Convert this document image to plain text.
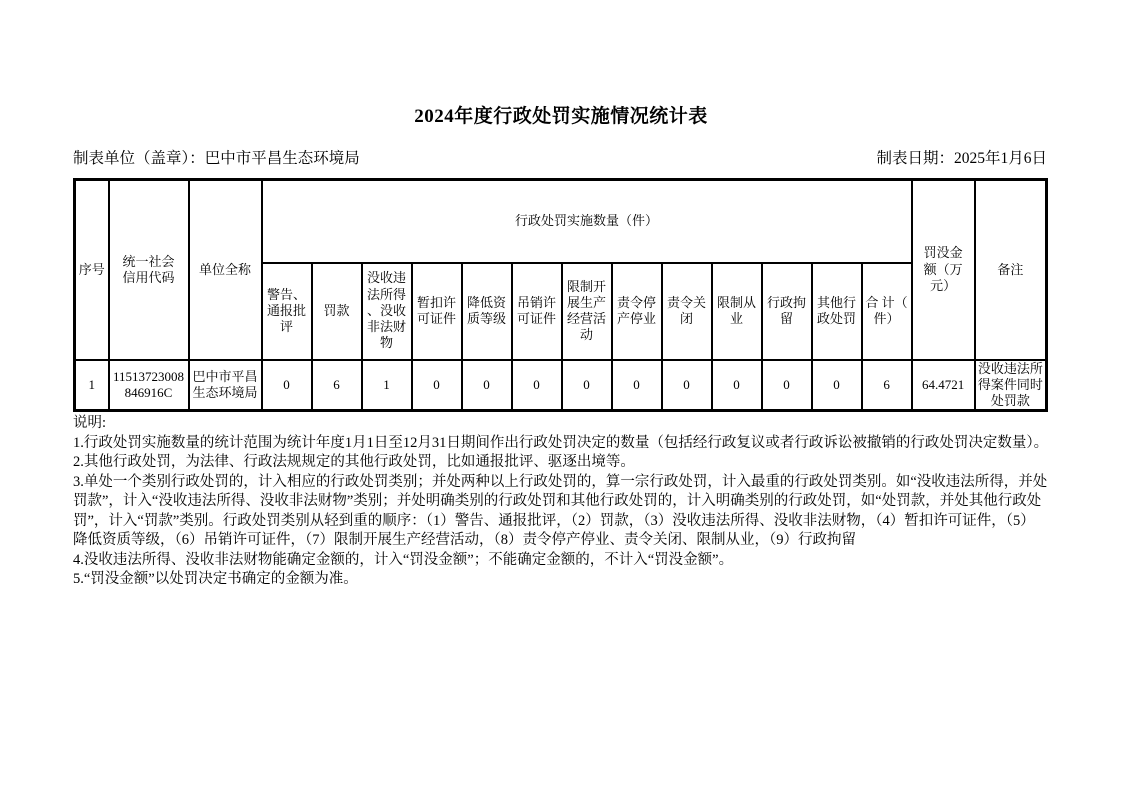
2024年度行政处罚实施情况统计表
制表单位（盖章）：巴中市平昌生态环境局	制表日期：2025年1月6日
序号	统一社会信用代码	单位全称	行政处罚实施数量（件）													罚没金额（万元）	备注
			警告、通报批评	罚款	没收违法所得、没收非法财物	暂扣许可证件	降低资质等级	吊销许可证件	限制开展生产经营活动	责令停产停业	责令关闭	限制从业	行政拘留	其他行政处罚	合 计（件）		
1	11513723008846916C	巴中市平昌生态环境局	0	6	1	0	0	0	0	0	0	0	0	0	6	64.4721	没收违法所得案件同时处罚款
说明:
1.行政处罚实施数量的统计范围为统计年度1月1日至12月31日期间作出行政处罚决定的数量（包括经行政复议或者行政诉讼被撤销的行政处罚决定数量）。
2.其他行政处罚，为法律、行政法规规定的其他行政处罚，比如通报批评、驱逐出境等。
3.单处一个类别行政处罚的，计入相应的行政处罚类别；并处两种以上行政处罚的，算一宗行政处罚，计入最重的行政处罚类别。如“没收违法所得，并处罚款”，计入“没收违法所得、没收非法财物”类别；并处明确类别的行政处罚和其他行政处罚的，计入明确类别的行政处罚，如“处罚款，并处其他行政处罚”，计入“罚款”类别。行政处罚类别从轻到重的顺序：（1）警告、通报批评，（2）罚款，（3）没收违法所得、没收非法财物，（4）暂扣许可证件，（5）降低资质等级，（6）吊销许可证件，（7）限制开展生产经营活动，（8）责令停产停业、责令关闭、限制从业，（9）行政拘留
4.没收违法所得、没收非法财物能确定金额的，计入“罚没金额”；不能确定金额的，不计入“罚没金额”。
5.“罚没金额”以处罚决定书确定的金额为准。
